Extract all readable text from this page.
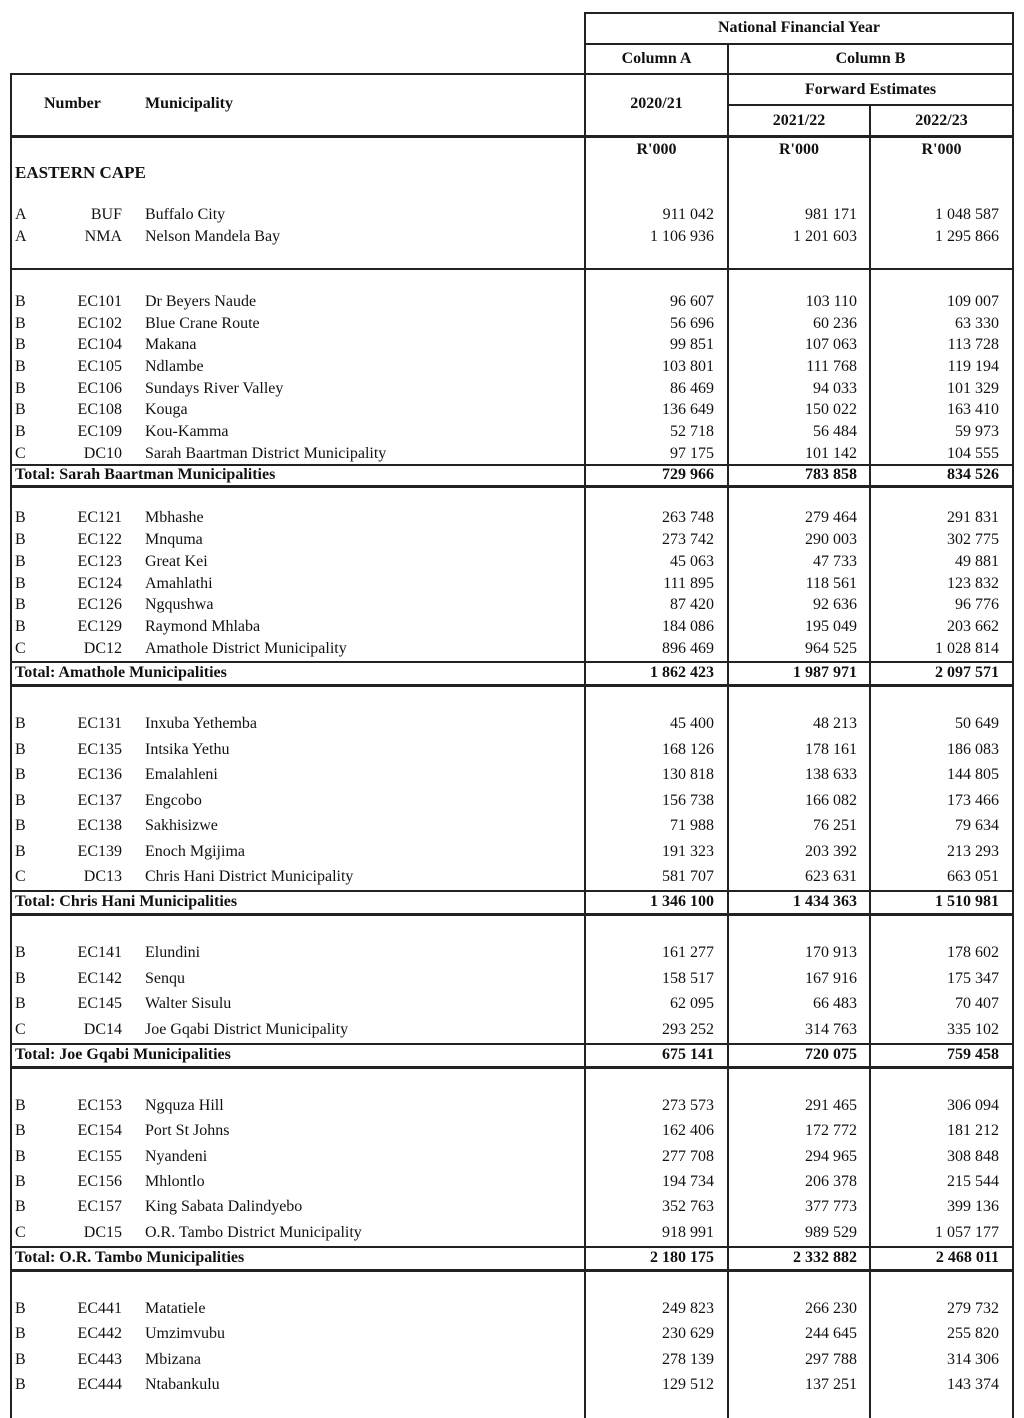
National Financial Year
Column A	Column B
Forward Estimates
Number	Municipality	2020/21
2021/22	2022/23
R'000	R'000	R'000
EASTERN CAPE
A	BUF Buffalo City	911 042	981 171	1 048 587
A	NMA Nelson Mandela Bay	1 106 936	1 201 603	1 295 866
B	EC101 Dr Beyers Naude	96 607	103 110	109 007
B	EC102 Blue Crane Route	56 696	60 236	63 330
B	EC104 Makana	99 851	107 063	113 728
B	EC105 Ndlambe	103 801	111 768	119 194
B	EC106 Sundays River Valley	86 469	94 033	101 329
B	EC108 Kouga	136 649	150 022	163 410
B	EC109 Kou-Kamma	52 718	56 484	59 973
C	DC10 Sarah Baartman District Municipality	97 175	101 142	104 555
Total: Sarah Baartman Municipalities	729 966	783 858	834 526
B	EC121 Mbhashe	263 748	279 464	291 831
B	EC122 Mnquma	273 742	290 003	302 775
B	EC123 Great Kei	45 063	47 733	49 881
B	EC124 Amahlathi	111 895	118 561	123 832
B	EC126 Ngqushwa	87 420	92 636	96 776
B	EC129 Raymond Mhlaba	184 086	195 049	203 662
C	DC12 Amathole District Municipality	896 469	964 525	1 028 814
Total: Amathole Municipalities	1 862 423	1 987 971	2 097 571
B	EC131 Inxuba Yethemba	45 400	48 213	50 649
B	EC135 Intsika Yethu	168 126	178 161	186 083
B	EC136 Emalahleni	130 818	138 633	144 805
B	EC137 Engcobo	156 738	166 082	173 466
B	EC138 Sakhisizwe	71 988	76 251	79 634
B	EC139 Enoch Mgijima	191 323	203 392	213 293
C	DC13 Chris Hani District Municipality	581 707	623 631	663 051
Total: Chris Hani Municipalities	1 346 100	1 434 363	1 510 981
B	EC141 Elundini	161 277	170 913	178 602
B	EC142 Senqu	158 517	167 916	175 347
B	EC145 Walter Sisulu	62 095	66 483	70 407
C	DC14 Joe Gqabi District Municipality	293 252	314 763	335 102
Total: Joe Gqabi Municipalities	675 141	720 075	759 458
B	EC153 Ngquza Hill	273 573	291 465	306 094
B	EC154 Port St Johns	162 406	172 772	181 212
B	EC155 Nyandeni	277 708	294 965	308 848
B	EC156 Mhlontlo	194 734	206 378	215 544
B	EC157 King Sabata Dalindyebo	352 763	377 773	399 136
C	DC15 O.R. Tambo District Municipality	918 991	989 529	1 057 177
Total: O.R. Tambo Municipalities	2 180 175	2 332 882	2 468 011
B	EC441 Matatiele	249 823	266 230	279 732
B	EC442 Umzimvubu	230 629	244 645	255 820
B	EC443 Mbizana	278 139	297 788	314 306
B	EC444 Ntabankulu	129 512	137 251	143 374
